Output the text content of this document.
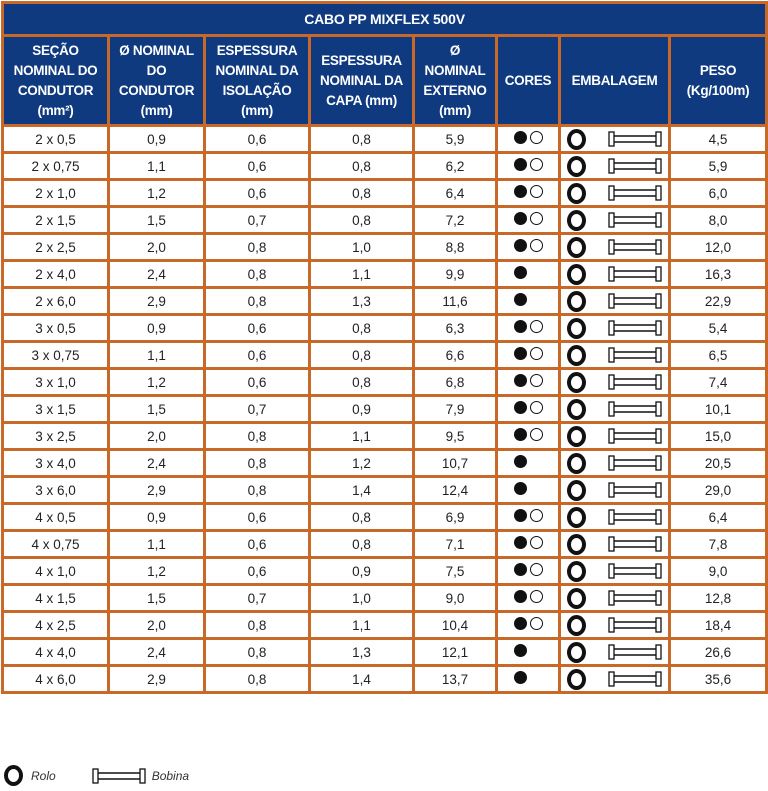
CABO PP MIXFLEX 500V							

SEÇÃO
NOMINAL DO
CONDUTOR
(mm²)	Ø NOMINAL
DO
CONDUTOR
(mm)	ESPESSURA
NOMINAL DA
ISOLAÇÃO
(mm)	ESPESSURA
NOMINAL DA
CAPA (mm)	Ø
NOMINAL
EXTERNO
(mm)	CORES	EMBALAGEM	PESO
(Kg/100m)

2 x 0,5	0,9	0,6	0,8	5,9			4,5
2 x 0,75	1,1	0,6	0,8	6,2			5,9
2 x 1,0	1,2	0,6	0,8	6,4			6,0
2 x 1,5	1,5	0,7	0,8	7,2			8,0
2 x 2,5	2,0	0,8	1,0	8,8			12,0
2 x 4,0	2,4	0,8	1,1	9,9			16,3
2 x 6,0	2,9	0,8	1,3	11,6			22,9
3 x 0,5	0,9	0,6	0,8	6,3			5,4
3 x 0,75	1,1	0,6	0,8	6,6			6,5
3 x 1,0	1,2	0,6	0,8	6,8			7,4
3 x 1,5	1,5	0,7	0,9	7,9			10,1
3 x 2,5	2,0	0,8	1,1	9,5			15,0
3 x 4,0	2,4	0,8	1,2	10,7			20,5
3 x 6,0	2,9	0,8	1,4	12,4			29,0
4 x 0,5	0,9	0,6	0,8	6,9			6,4
4 x 0,75	1,1	0,6	0,8	7,1			7,8
4 x 1,0	1,2	0,6	0,9	7,5			9,0
4 x 1,5	1,5	0,7	1,0	9,0			12,8
4 x 2,5	2,0	0,8	1,1	10,4			18,4
4 x 4,0	2,4	0,8	1,3	12,1			26,6
4 x 6,0	2,9	0,8	1,4	13,7			35,6
Rolo	Bobina
